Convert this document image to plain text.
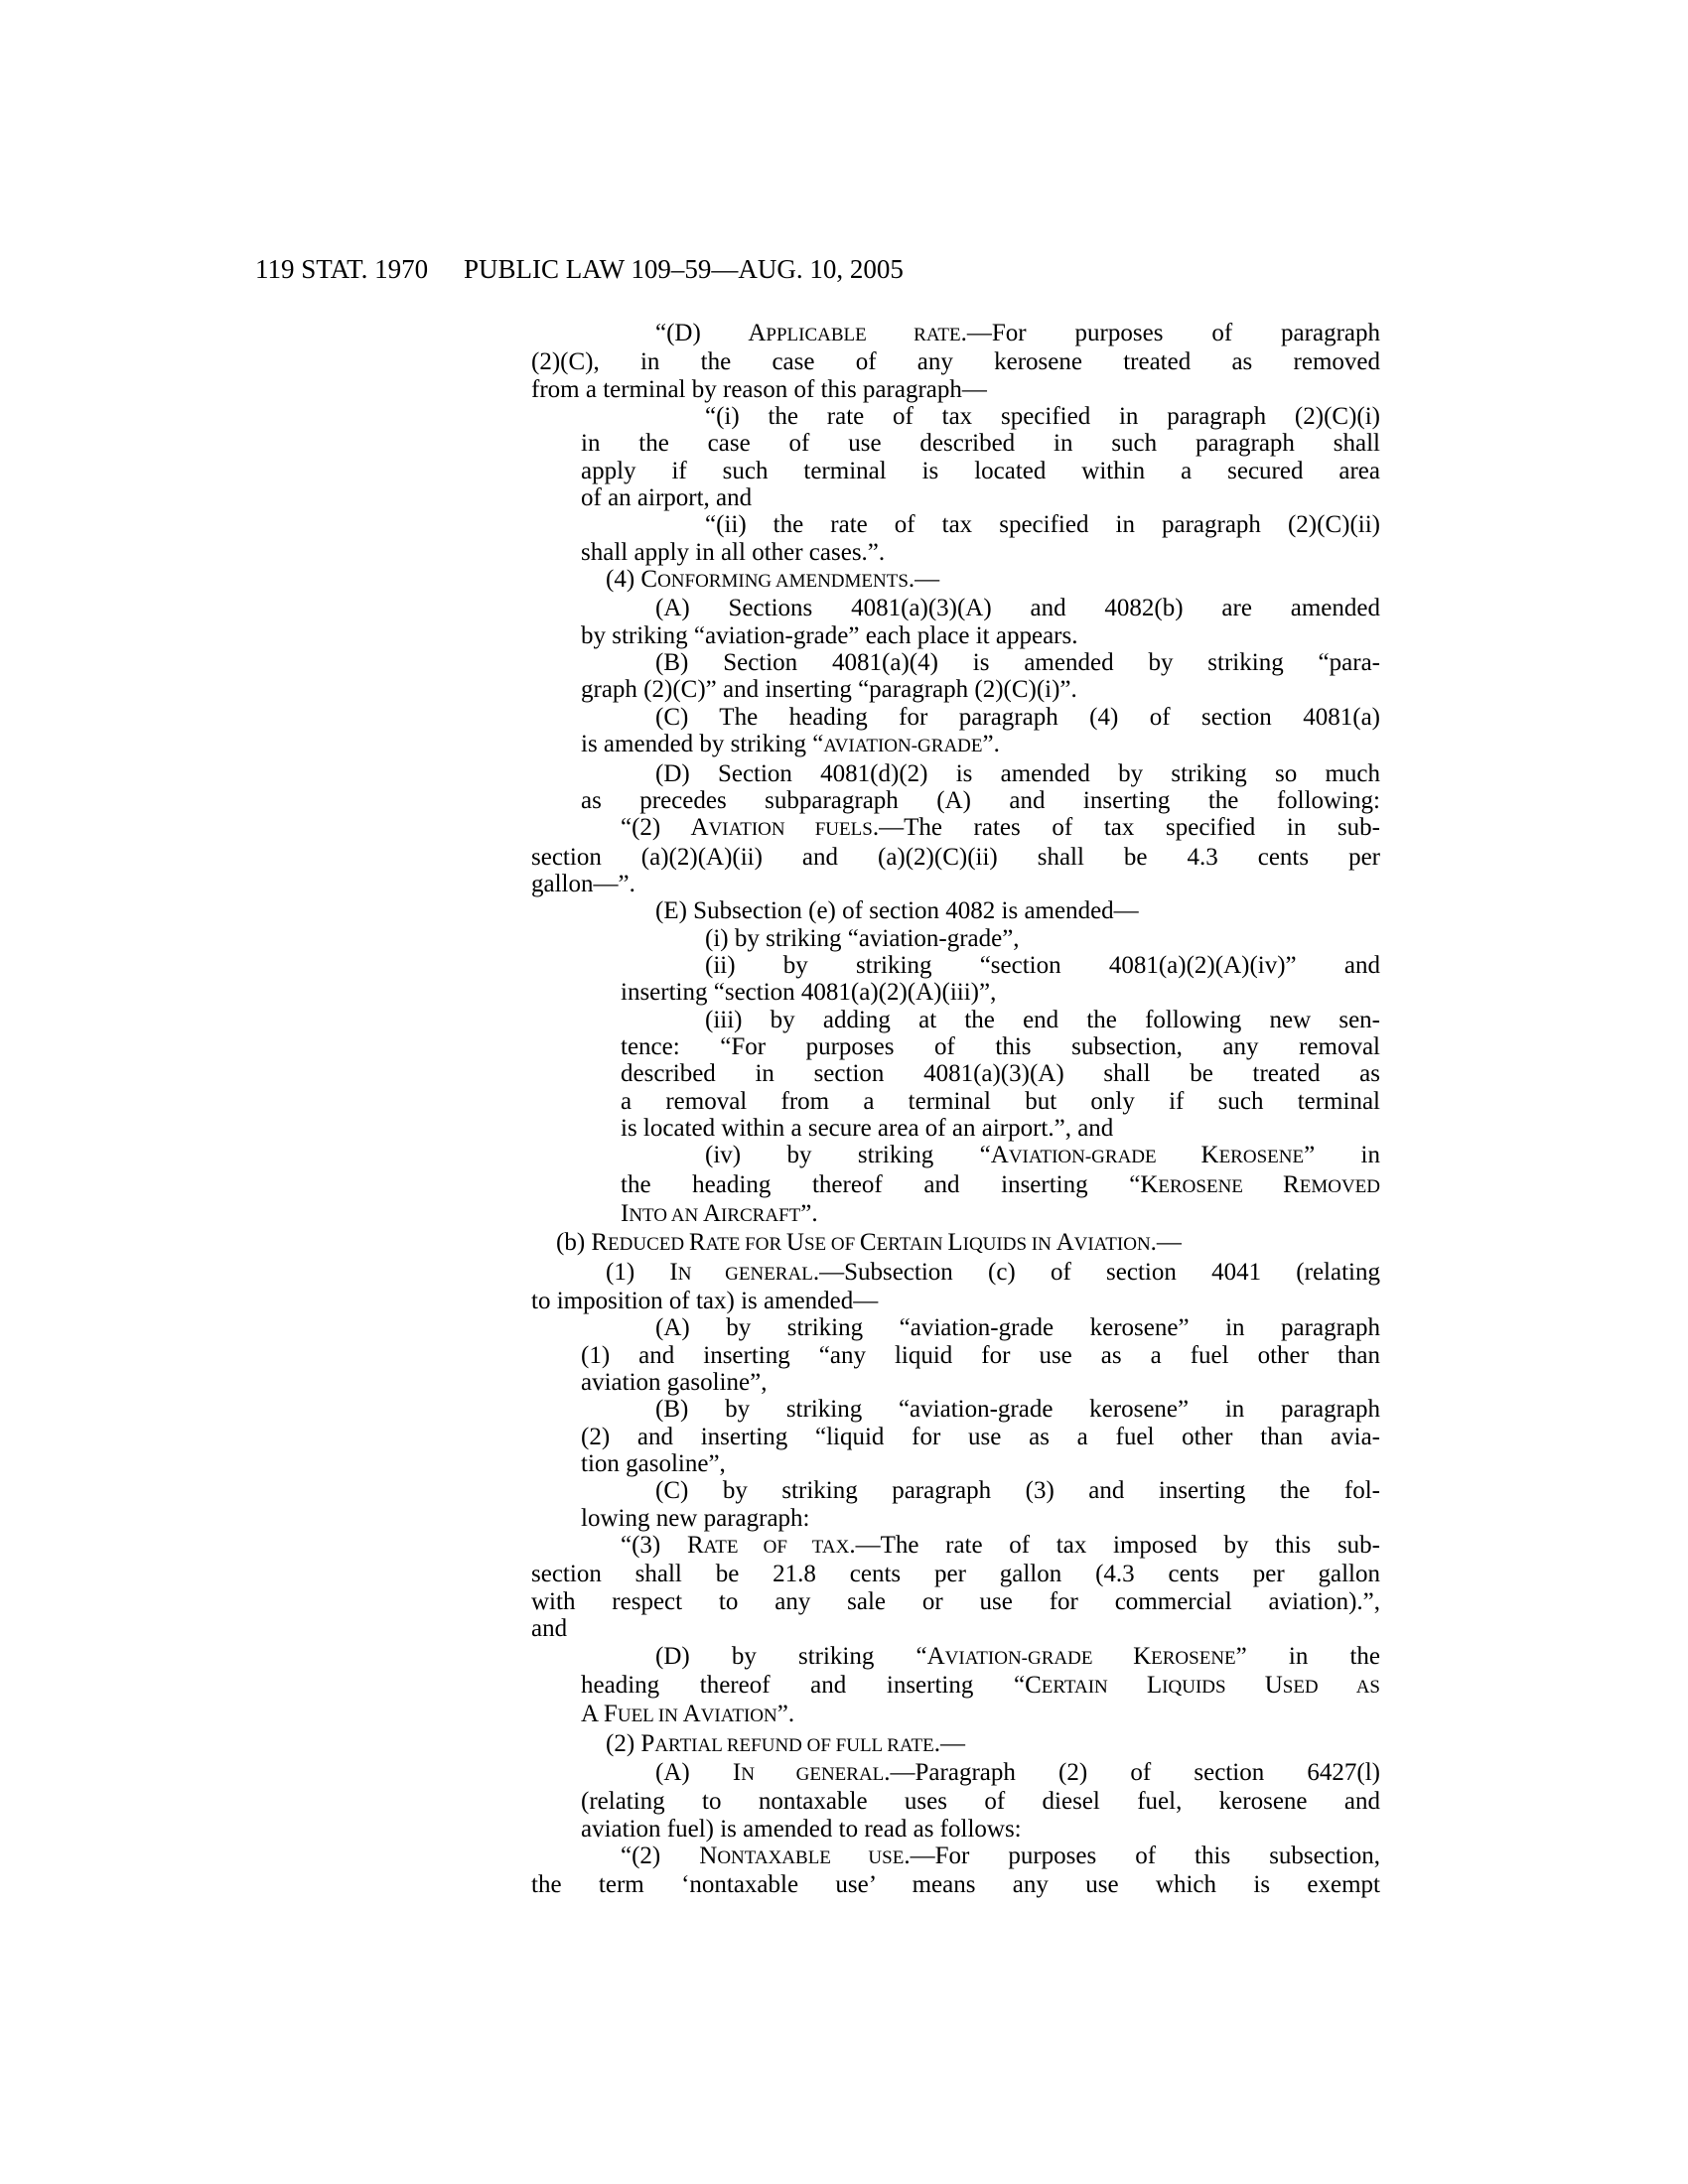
119 STAT. 1970 PUBLIC LAW 109–59—AUG. 10, 2005
“(D) APPLICABLE RATE.—For purposes of paragraph
(2)(C), in the case of any kerosene treated as removed
from a terminal by reason of this paragraph—
“(i) the rate of tax specified in paragraph (2)(C)(i)
in the case of use described in such paragraph shall
apply if such terminal is located within a secured area
of an airport, and
“(ii) the rate of tax specified in paragraph (2)(C)(ii)
shall apply in all other cases.”.
(4) CONFORMING AMENDMENTS.—
(A) Sections 4081(a)(3)(A) and 4082(b) are amended
by striking “aviation-grade” each place it appears.
(B) Section 4081(a)(4) is amended by striking “para-
graph (2)(C)” and inserting “paragraph (2)(C)(i)”.
(C) The heading for paragraph (4) of section 4081(a)
is amended by striking “AVIATION-GRADE”.
(D) Section 4081(d)(2) is amended by striking so much
as precedes subparagraph (A) and inserting the following:
“(2) AVIATION FUELS.—The rates of tax specified in sub-
section (a)(2)(A)(ii) and (a)(2)(C)(ii) shall be 4.3 cents per
gallon—”.
(E) Subsection (e) of section 4082 is amended—
(i) by striking “aviation-grade”,
(ii) by striking “section 4081(a)(2)(A)(iv)” and
inserting “section 4081(a)(2)(A)(iii)”,
(iii) by adding at the end the following new sen-
tence: “For purposes of this subsection, any removal
described in section 4081(a)(3)(A) shall be treated as
a removal from a terminal but only if such terminal
is located within a secure area of an airport.”, and
(iv) by striking “AVIATION-GRADE KEROSENE” in
the heading thereof and inserting “KEROSENE REMOVED
INTO AN AIRCRAFT”.
(b) REDUCED RATE FOR USE OF CERTAIN LIQUIDS IN AVIATION.—
(1) IN GENERAL.—Subsection (c) of section 4041 (relating
to imposition of tax) is amended—
(A) by striking “aviation-grade kerosene” in paragraph
(1) and inserting “any liquid for use as a fuel other than
aviation gasoline”,
(B) by striking “aviation-grade kerosene” in paragraph
(2) and inserting “liquid for use as a fuel other than avia-
tion gasoline”,
(C) by striking paragraph (3) and inserting the fol-
lowing new paragraph:
“(3) RATE OF TAX.—The rate of tax imposed by this sub-
section shall be 21.8 cents per gallon (4.3 cents per gallon
with respect to any sale or use for commercial aviation).”,
and
(D) by striking “AVIATION-GRADE KEROSENE” in the
heading thereof and inserting “CERTAIN LIQUIDS USED AS
A FUEL IN AVIATION”.
(2) PARTIAL REFUND OF FULL RATE.—
(A) IN GENERAL.—Paragraph (2) of section 6427(l)
(relating to nontaxable uses of diesel fuel, kerosene and
aviation fuel) is amended to read as follows:
“(2) NONTAXABLE USE.—For purposes of this subsection,
the term ‘nontaxable use’ means any use which is exempt
